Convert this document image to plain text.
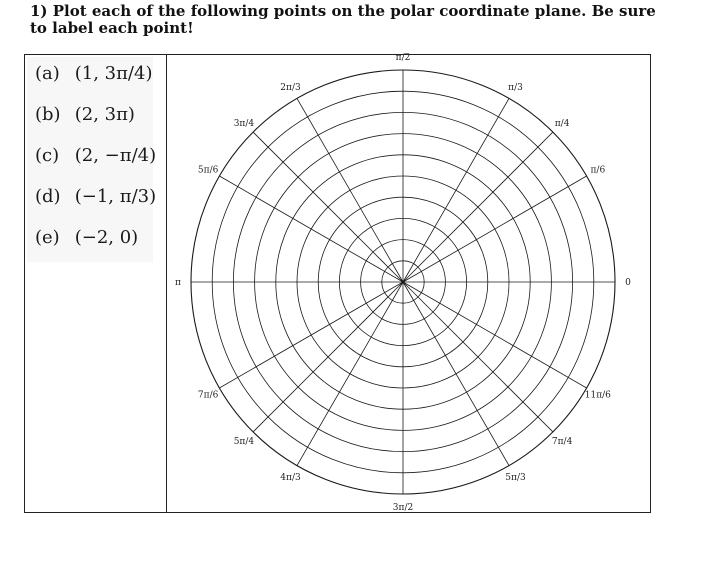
1) Plot each of the following points on the polar coordinate plane. Be sure to label each point!
(a) (1, 3π/4)
(b) (2, 3π)
(c) (2, −π/4)
(d) (−1, π/3)
(e) (−2, 0)
0
π/6
π/4
π/3
π/2
2π/3
3π/4
5π/6
π
7π/6
5π/4
4π/3
3π/2
5π/3
7π/4
11π/6
